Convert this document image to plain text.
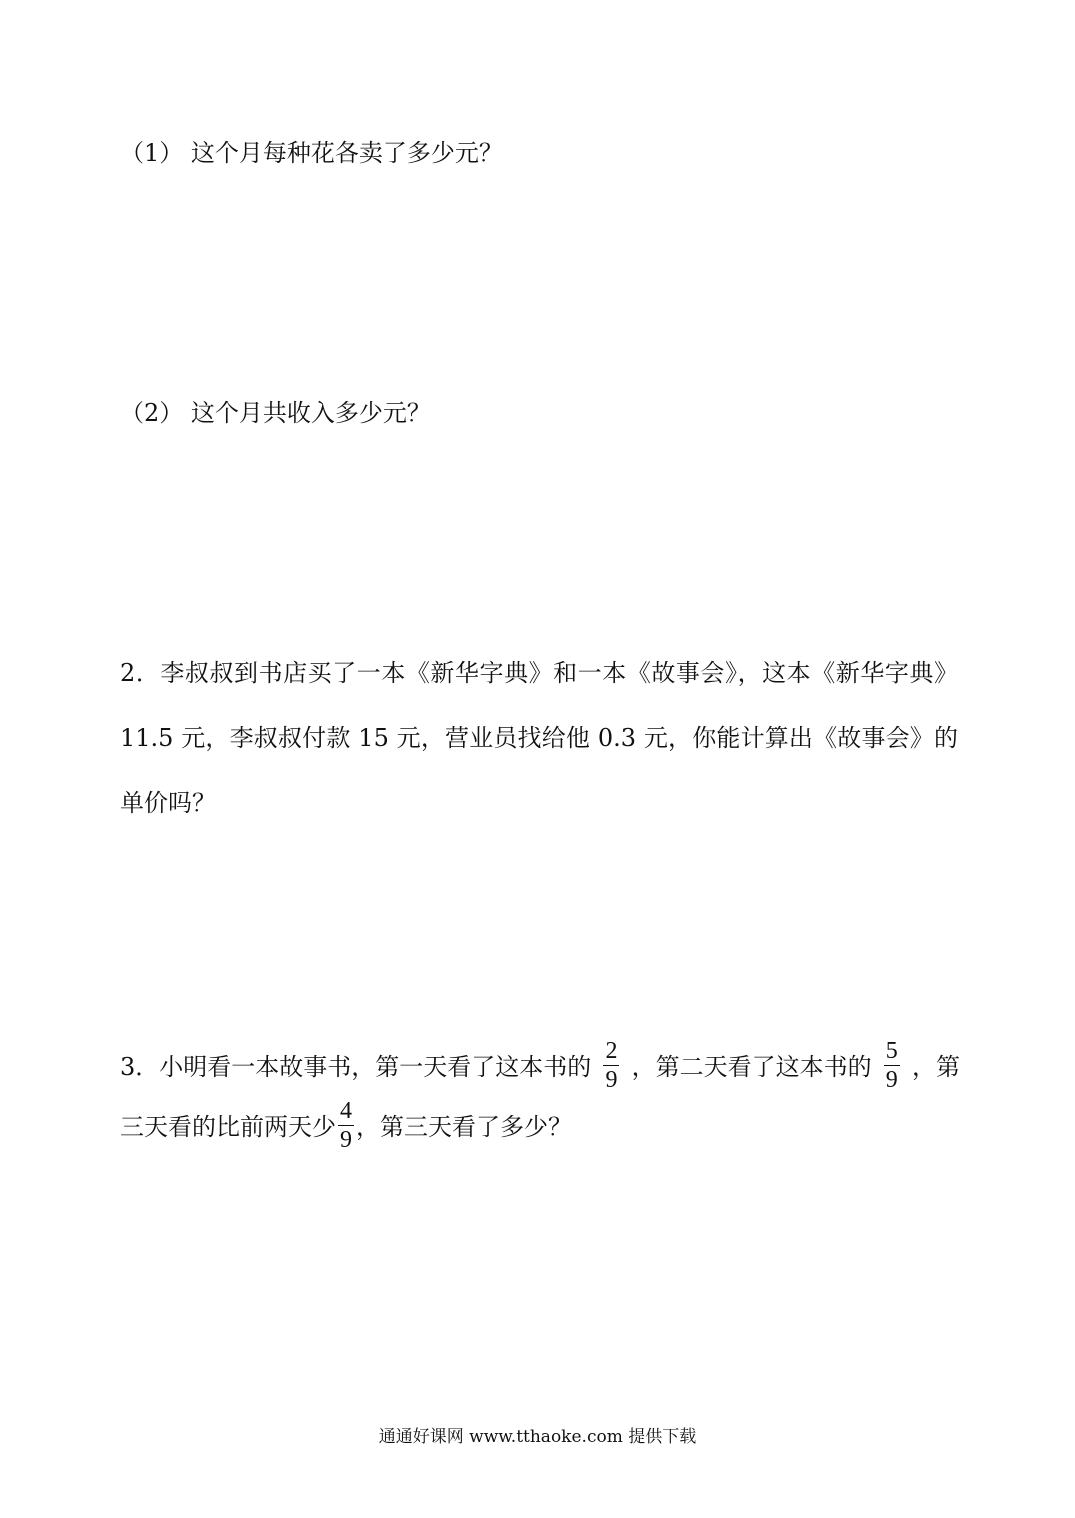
（1） 这个月每种花各卖了多少元？
（2） 这个月共收入多少元？
2．李叔叔到书店买了一本《新华字典》和一本《故事会》，这本《新华字典》
11.5 元，李叔叔付款 15 元，营业员找给他 0.3 元，你能计算出《故事会》的
单价吗？
3．小明看一本故事书，第一天看了这本书的 $\frac{2}{9}$ ，第二天看了这本书的 $\frac{5}{9}$ ，第
三天看的比前两天少 $\frac{4}{9}$ ，第三天看了多少？
通通好课网 www.tthaoke.com 提供下载
